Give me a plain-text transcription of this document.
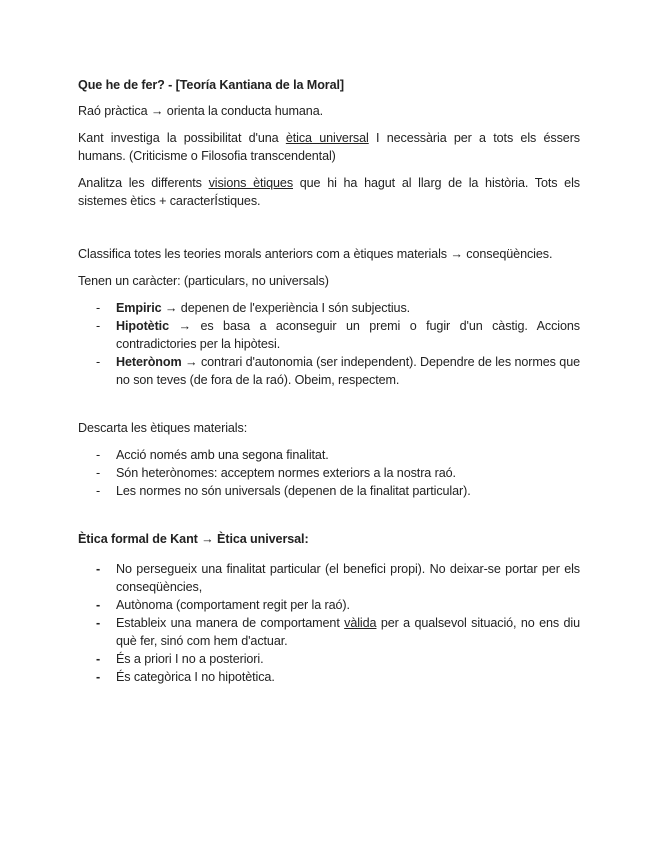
Que he de fer? - [Teoría Kantiana de la Moral]

Raó pràctica → orienta la conducta humana.

Kant investiga la possibilitat d'una ètica universal I necessària per a tots els éssers humans. (Criticisme o Filosofia transcendental)

Analitza les differents visions ètiques que hi ha hagut al llarg de la història. Tots els sistemes ètics + caracterÍstiques.

Classifica totes les teories morals anteriors com a ètiques materials → conseqüències.

Tenen un caràcter: (particulars, no universals)

- Empiric → depenen de l'experiència I són subjectius.
- Hipotètic → es basa a aconseguir un premi o fugir d'un càstig. Accions contradictories per la hipòtesi.
- Heterònom → contrari d'autonomia (ser independent). Dependre de les normes que no son teves (de fora de la raó). Obeim, respectem.

Descarta les ètiques materials:

- Acció només amb una segona finalitat.
- Són heterònomes: acceptem normes exteriors a la nostra raó.
- Les normes no són universals (depenen de la finalitat particular).

Ètica formal de Kant → Ètica universal:

- No persegueix una finalitat particular (el benefici propi). No deixar-se portar per els conseqüències,
- Autònoma (comportament regit per la raó).
- Estableix una manera de comportament vàlida per a qualsevol situació, no ens diu què fer, sinó com hem d'actuar.
- És a priori I no a posteriori.
- És categòrica I no hipotètica.
